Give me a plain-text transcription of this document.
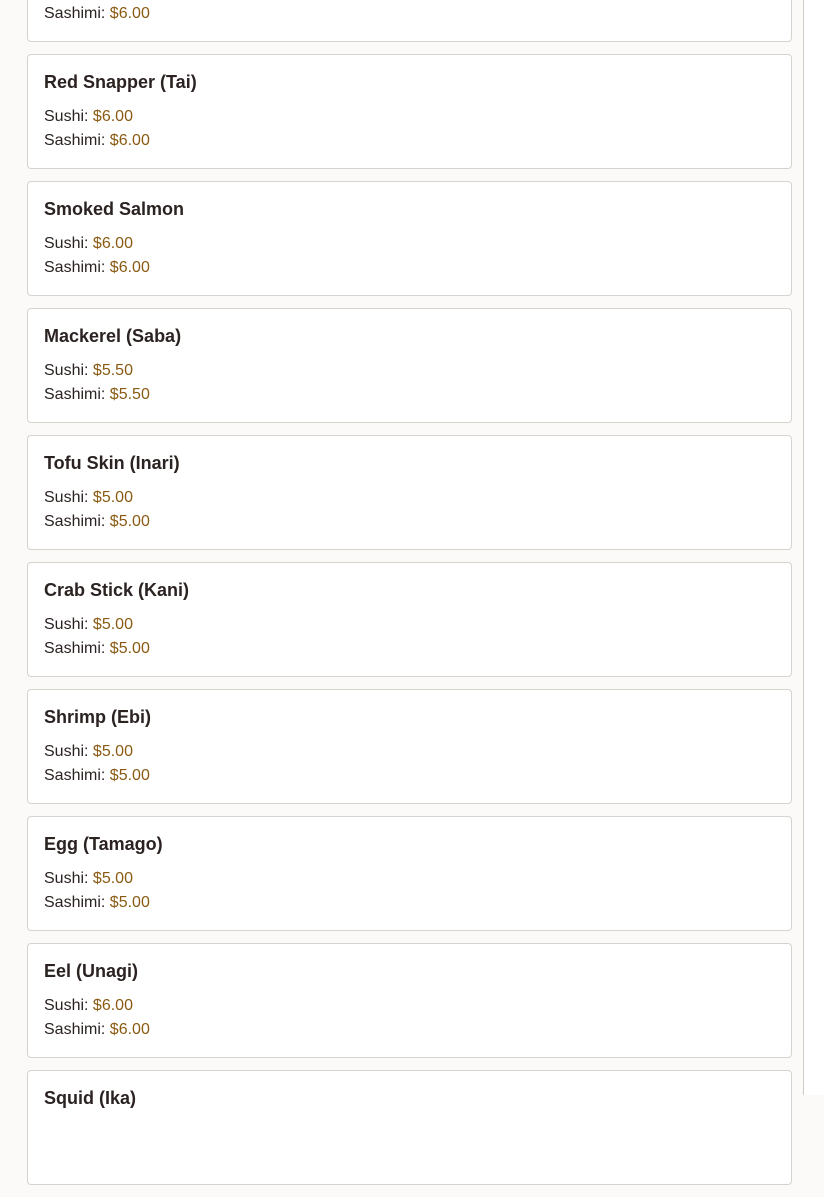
Sashimi: $6.00
Red Snapper (Tai)
Sushi: $6.00
Sashimi: $6.00
Smoked Salmon
Sushi: $6.00
Sashimi: $6.00
Mackerel (Saba)
Sushi: $5.50
Sashimi: $5.50
Tofu Skin (Inari)
Sushi: $5.00
Sashimi: $5.00
Crab Stick (Kani)
Sushi: $5.00
Sashimi: $5.00
Shrimp (Ebi)
Sushi: $5.00
Sashimi: $5.00
Egg (Tamago)
Sushi: $5.00
Sashimi: $5.00
Eel (Unagi)
Sushi: $6.00
Sashimi: $6.00
Squid (Ika)
